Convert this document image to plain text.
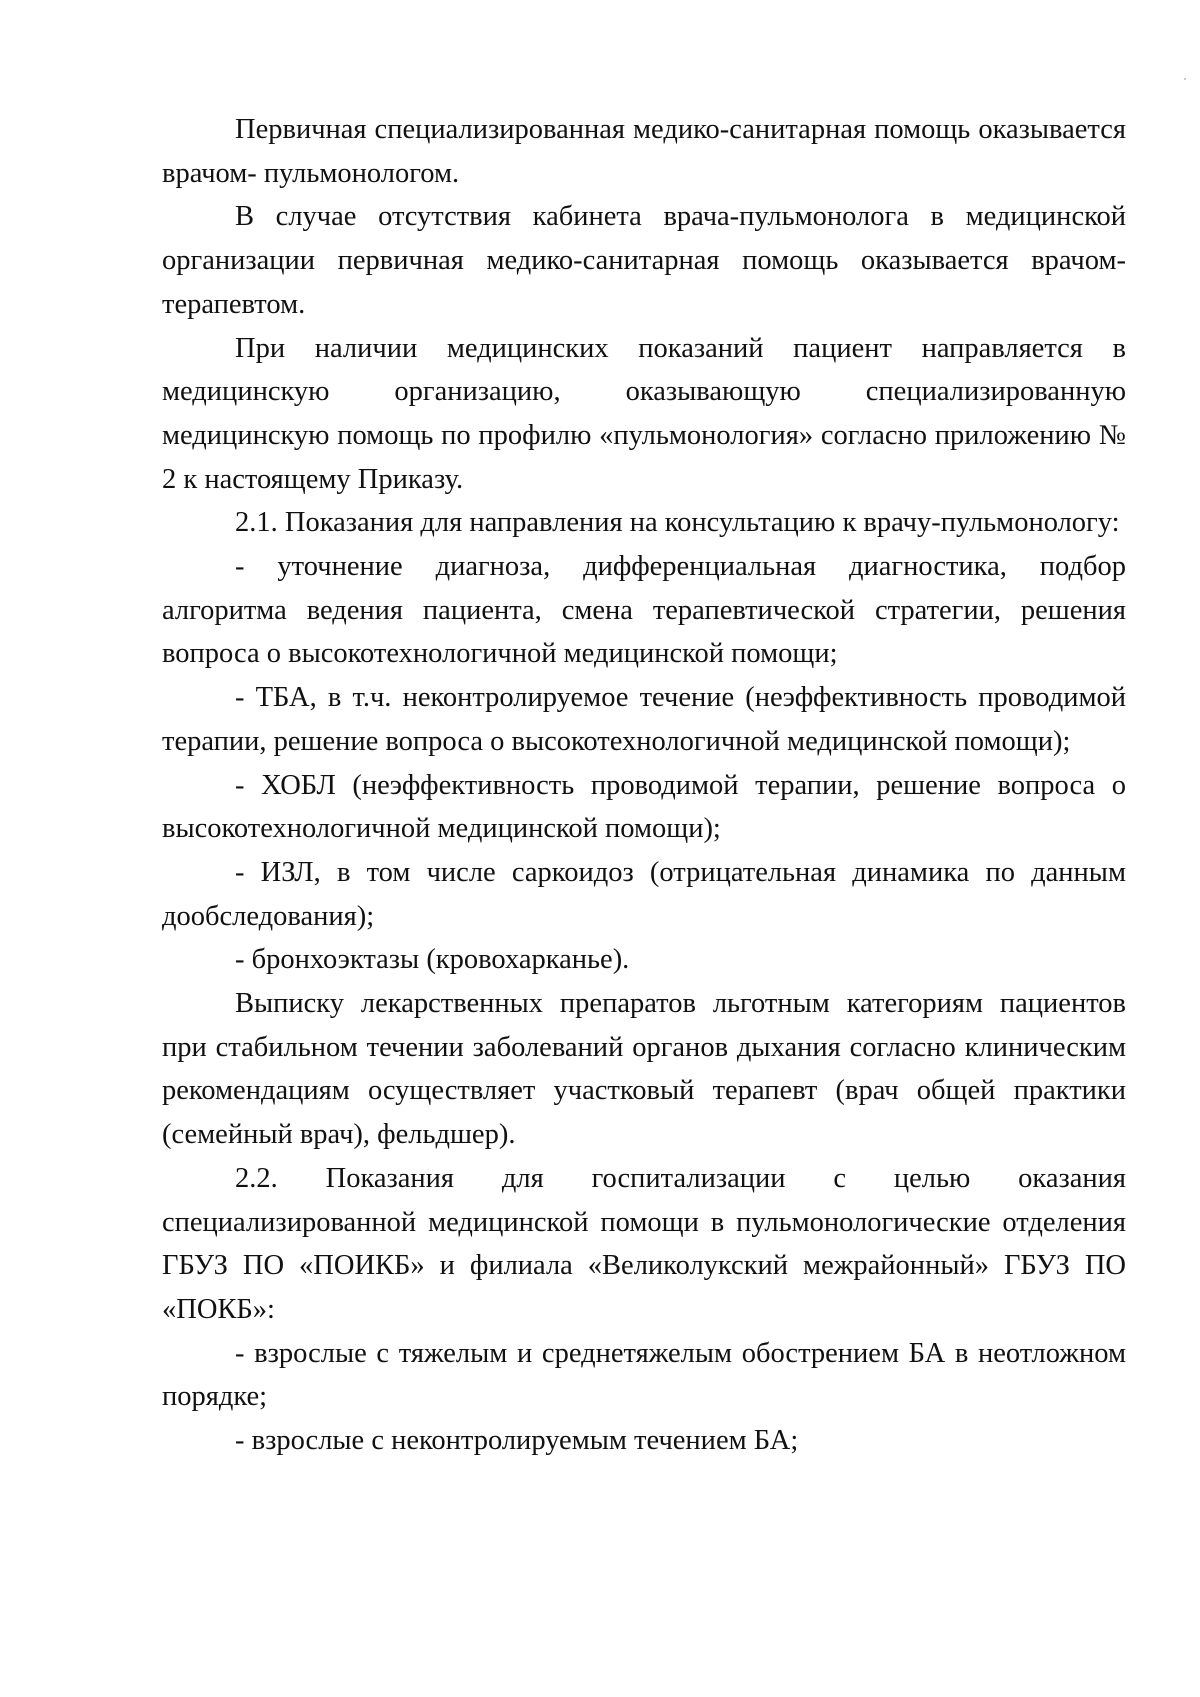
Первичная специализированная медико-санитарная помощь оказывается врачом- пульмонологом.

В случае отсутствия кабинета врача-пульмонолога в медицинской организации первичная медико-санитарная помощь оказывается врачом-терапевтом.

При наличии медицинских показаний пациент направляется в медицинскую организацию, оказывающую специализированную медицинскую помощь по профилю «пульмонология» согласно приложению № 2 к настоящему Приказу.

2.1. Показания для направления на консультацию к врачу-пульмонологу:

- уточнение диагноза, дифференциальная диагностика, подбор алгоритма ведения пациента, смена терапевтической стратегии, решения вопроса о высокотехнологичной медицинской помощи;

- ТБА, в т.ч. неконтролируемое течение (неэффективность проводимой терапии, решение вопроса о высокотехнологичной медицинской помощи);

- ХОБЛ (неэффективность проводимой терапии, решение вопроса о высокотехнологичной медицинской помощи);

- ИЗЛ, в том числе саркоидоз (отрицательная динамика по данным дообследования);

- бронхоэктазы (кровохарканье).

Выписку лекарственных препаратов льготным категориям пациентов при стабильном течении заболеваний органов дыхания согласно клиническим рекомендациям осуществляет участковый терапевт (врач общей практики (семейный врач), фельдшер).

2.2. Показания для госпитализации с целью оказания специализированной медицинской помощи в пульмонологические отделения ГБУЗ ПО «ПОИКБ» и филиала «Великолукский межрайонный» ГБУЗ ПО «ПОКБ»:

- взрослые с тяжелым и среднетяжелым обострением БА в неотложном порядке;

- взрослые с неконтролируемым течением БА;
